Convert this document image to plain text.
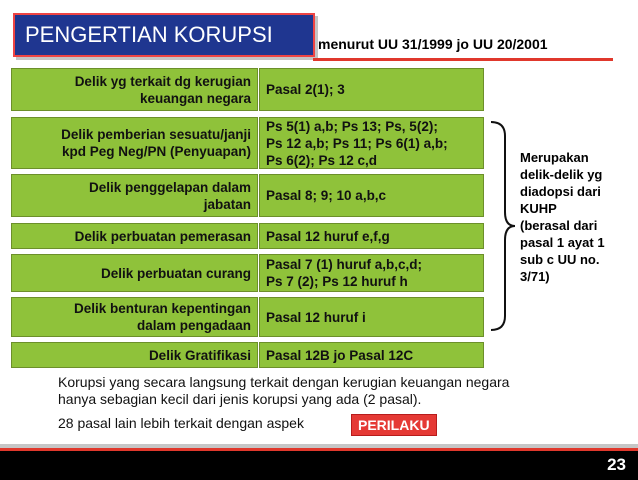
PENGERTIAN KORUPSI	menurut UU 31/1999 jo UU 20/2001
Delik yg terkait dg kerugian
keuangan negara
Pasal 2(1); 3
Delik pemberian sesuatu/janji
kpd Peg Neg/PN (Penyuapan)
Ps 5(1) a,b; Ps 13; Ps, 5(2);
Ps 12 a,b; Ps 11; Ps 6(1) a,b;
Ps 6(2); Ps 12 c,d
Delik penggelapan dalam
jabatan
Pasal 8; 9; 10 a,b,c
Delik perbuatan pemerasan Pasal 12 huruf e,f,g
Delik perbuatan curang
Pasal 7 (1) huruf a,b,c,d;
Ps 7 (2); Ps 12 huruf h
Delik benturan kepentingan
dalam pengadaan
Pasal 12 huruf i
Delik Gratifikasi Pasal 12B jo Pasal 12C
Merupakan
delik-delik yg
diadopsi dari
KUHP
(berasal dari
pasal 1 ayat 1
sub c UU no.
3/71)
Korupsi yang secara langsung terkait dengan kerugian keuangan negara
hanya sebagian kecil dari jenis korupsi yang ada (2 pasal).
28 pasal lain lebih terkait dengan aspek	PERILAKU
23
